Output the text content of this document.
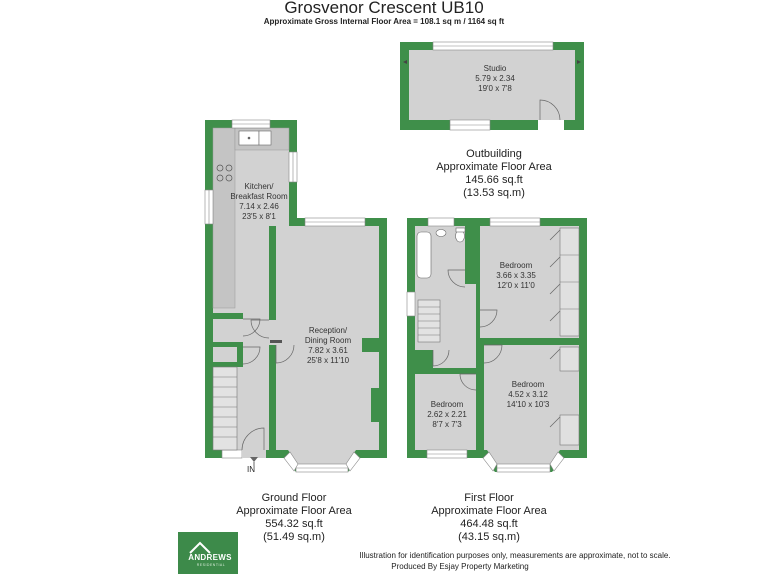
Grosvenor Crescent UB10
Approximate Gross Internal Floor Area = 108.1 sq m / 1164 sq ft
Studio
5.79 x 2.34
19'0 x 7'8
Kitchen/
Breakfast Room
7.14 x 2.46
23'5 x 8'1
Reception/
Dining Room
7.82 x 3.61
25'8 x 11'10
Bedroom
3.66 x 3.35
12'0 x 11'0
Bedroom
4.52 x 3.12
14'10 x 10'3
Bedroom
2.62 x 2.21
8'7 x 7'3
IN
Outbuilding
Approximate Floor Area
145.66 sq.ft
(13.53 sq.m)
Ground Floor
Approximate Floor Area
554.32 sq.ft
(51.49 sq.m)
First Floor
Approximate Floor Area
464.48 sq.ft
(43.15 sq.m)
ANDREWS
RESIDENTIAL
Illustration for identification purposes only, measurements are approximate, not to scale.
Produced By Esjay Property Marketing
